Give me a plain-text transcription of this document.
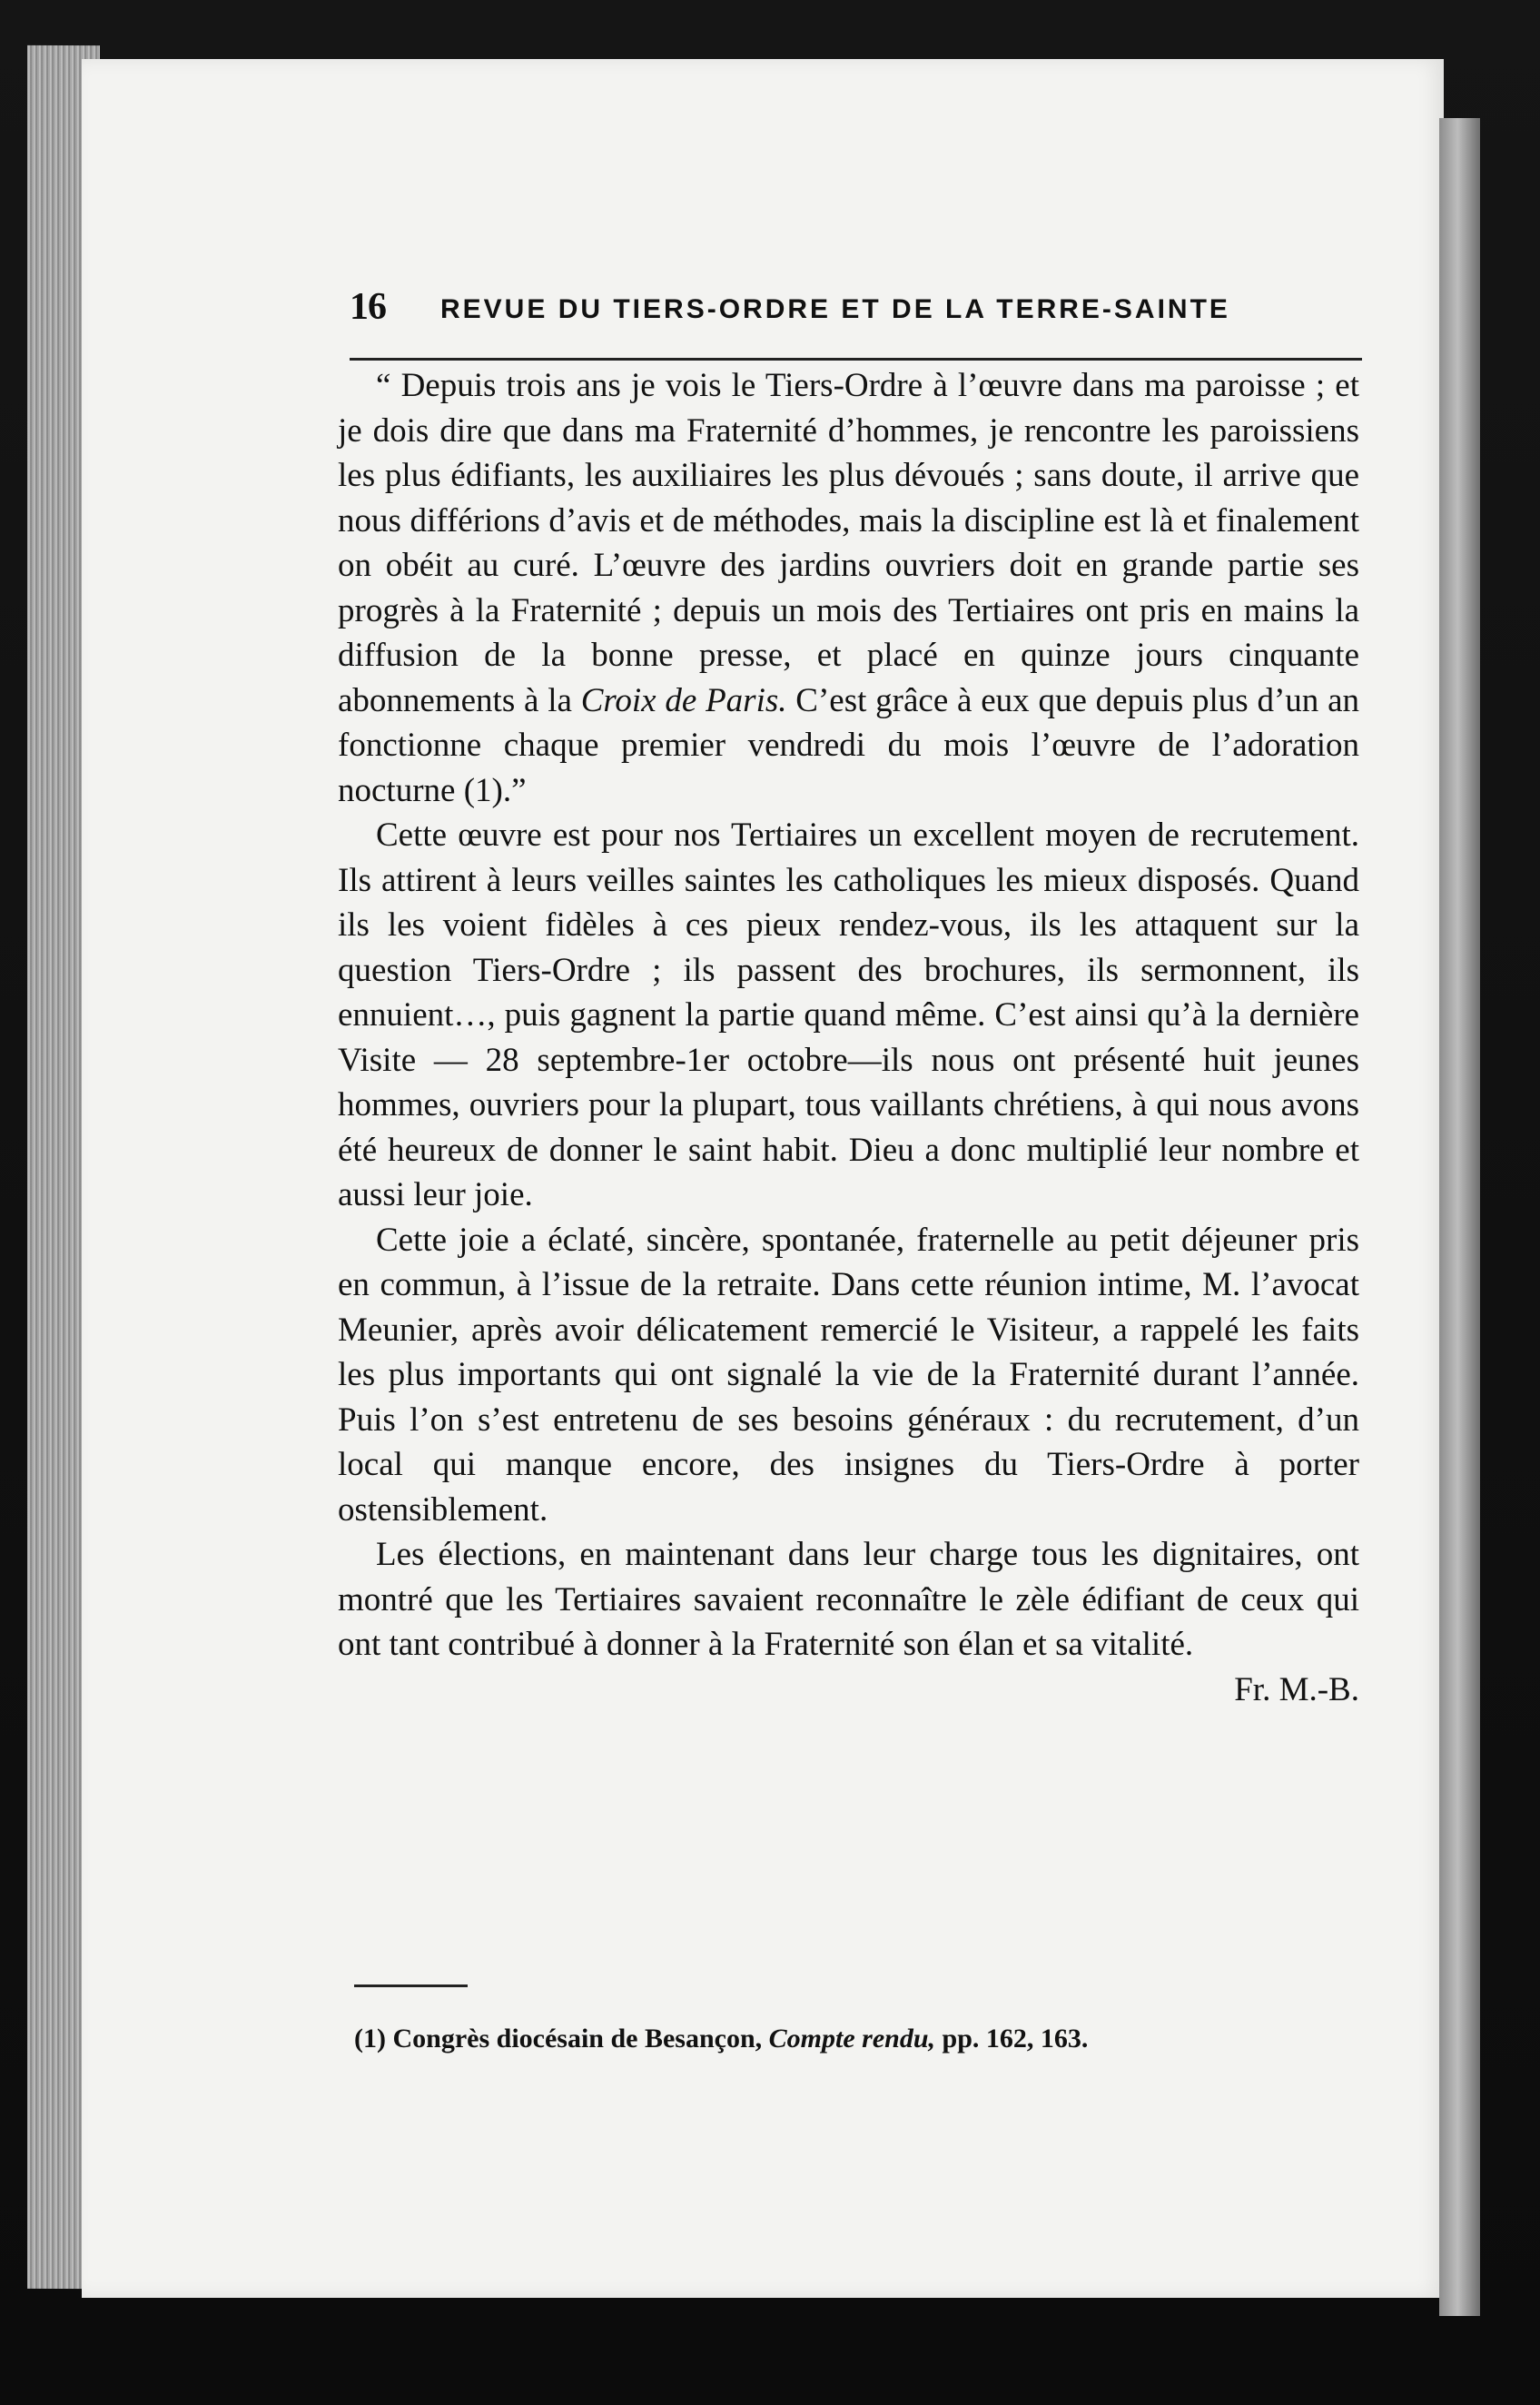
16 REVUE DU TIERS-ORDRE ET DE LA TERRE-SAINTE

“ Depuis trois ans je vois le Tiers-Ordre à l’œuvre dans ma paroisse ; et je dois dire que dans ma Fraternité d’hommes, je rencontre les paroissiens les plus édifiants, les auxiliaires les plus dévoués ; sans doute, il arrive que nous différions d’avis et de méthodes, mais la discipline est là et finalement on obéit au curé. L’œuvre des jardins ouvriers doit en grande partie ses progrès à la Fraternité ; depuis un mois des Tertiaires ont pris en mains la diffusion de la bonne presse, et placé en quinze jours cinquante abonnements à la Croix de Paris. C’est grâce à eux que depuis plus d’un an fonctionne chaque premier vendredi du mois l’œuvre de l’adoration nocturne (1).”

Cette œuvre est pour nos Tertiaires un excellent moyen de recrutement. Ils attirent à leurs veilles saintes les catholiques les mieux disposés. Quand ils les voient fidèles à ces pieux rendez-vous, ils les attaquent sur la question Tiers-Ordre ; ils passent des brochures, ils sermonnent, ils ennuient…, puis gagnent la partie quand même. C’est ainsi qu’à la dernière Visite — 28 septembre-1er octobre—ils nous ont présenté huit jeunes hommes, ouvriers pour la plupart, tous vaillants chrétiens, à qui nous avons été heureux de donner le saint habit. Dieu a donc multiplié leur nombre et aussi leur joie.

Cette joie a éclaté, sincère, spontanée, fraternelle au petit déjeuner pris en commun, à l’issue de la retraite. Dans cette réunion intime, M. l’avocat Meunier, après avoir délicatement remercié le Visiteur, a rappelé les faits les plus importants qui ont signalé la vie de la Fraternité durant l’année. Puis l’on s’est entretenu de ses besoins généraux : du recrutement, d’un local qui manque encore, des insignes du Tiers-Ordre à porter ostensiblement.

Les élections, en maintenant dans leur charge tous les dignitaires, ont montré que les Tertiaires savaient reconnaître le zèle édifiant de ceux qui ont tant contribué à donner à la Fraternité son élan et sa vitalité.
Fr. M.-B.

(1) Congrès diocésain de Besançon, Compte rendu, pp. 162, 163.
